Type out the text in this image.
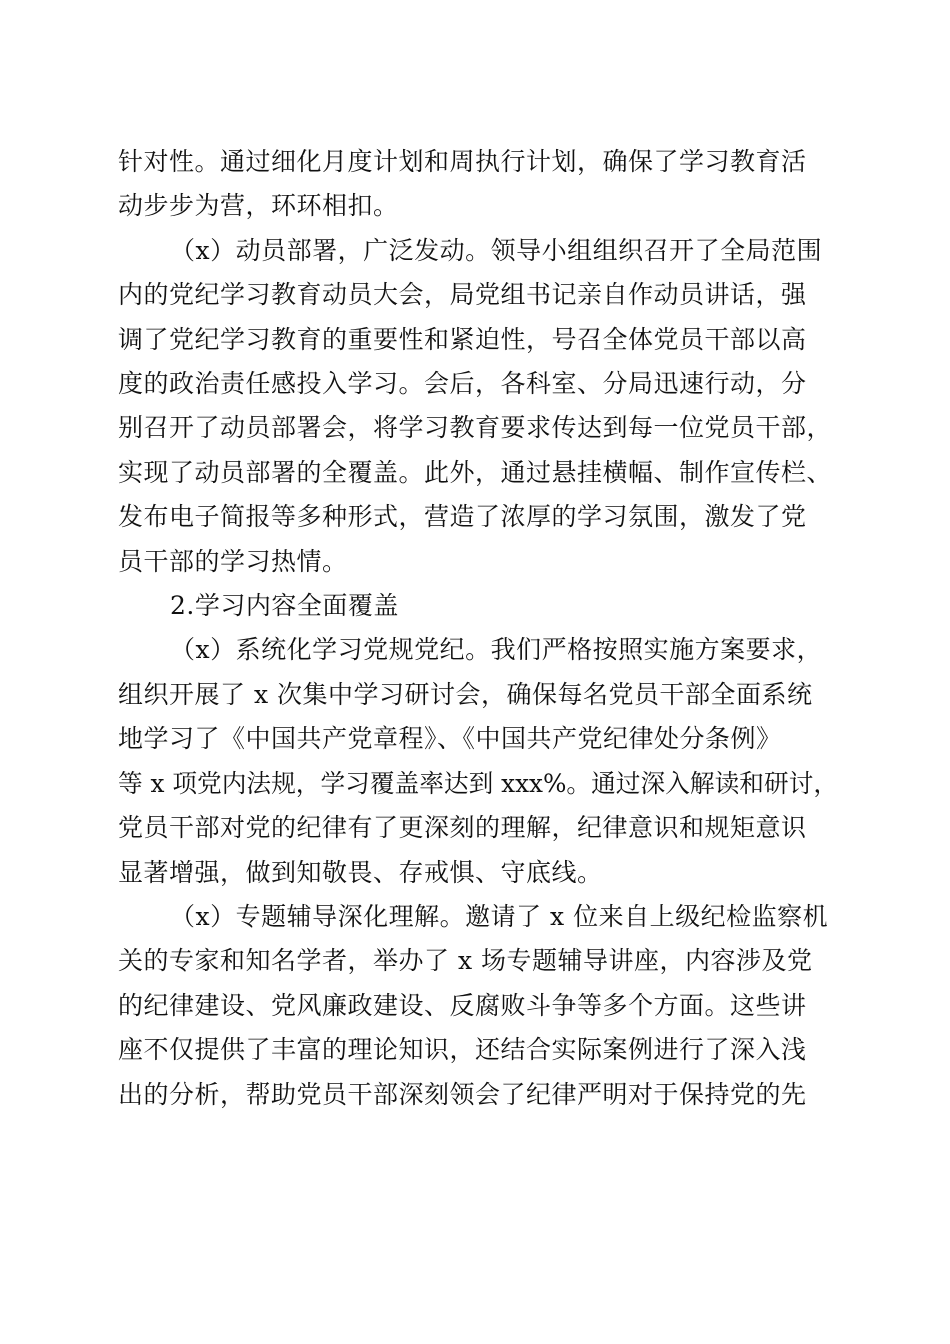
针对性。通过细化月度计划和周执行计划，确保了学习教育活
动步步为营，环环相扣。
（x）动员部署，广泛发动。领导小组组织召开了全局范围
内的党纪学习教育动员大会，局党组书记亲自作动员讲话，强
调了党纪学习教育的重要性和紧迫性，号召全体党员干部以高
度的政治责任感投入学习。会后，各科室、分局迅速行动，分
别召开了动员部署会，将学习教育要求传达到每一位党员干部，
实现了动员部署的全覆盖。此外，通过悬挂横幅、制作宣传栏、
发布电子简报等多种形式，营造了浓厚的学习氛围，激发了党
员干部的学习热情。
2.学习内容全面覆盖
（x）系统化学习党规党纪。我们严格按照实施方案要求，
组织开展了 x 次集中学习研讨会，确保每名党员干部全面系统
地学习了《中国共产党章程》、《中国共产党纪律处分条例》
等 x 项党内法规，学习覆盖率达到 xxx%。通过深入解读和研讨，
党员干部对党的纪律有了更深刻的理解，纪律意识和规矩意识
显著增强，做到知敬畏、存戒惧、守底线。
（x）专题辅导深化理解。邀请了 x 位来自上级纪检监察机
关的专家和知名学者，举办了 x 场专题辅导讲座，内容涉及党
的纪律建设、党风廉政建设、反腐败斗争等多个方面。这些讲
座不仅提供了丰富的理论知识，还结合实际案例进行了深入浅
出的分析，帮助党员干部深刻领会了纪律严明对于保持党的先
